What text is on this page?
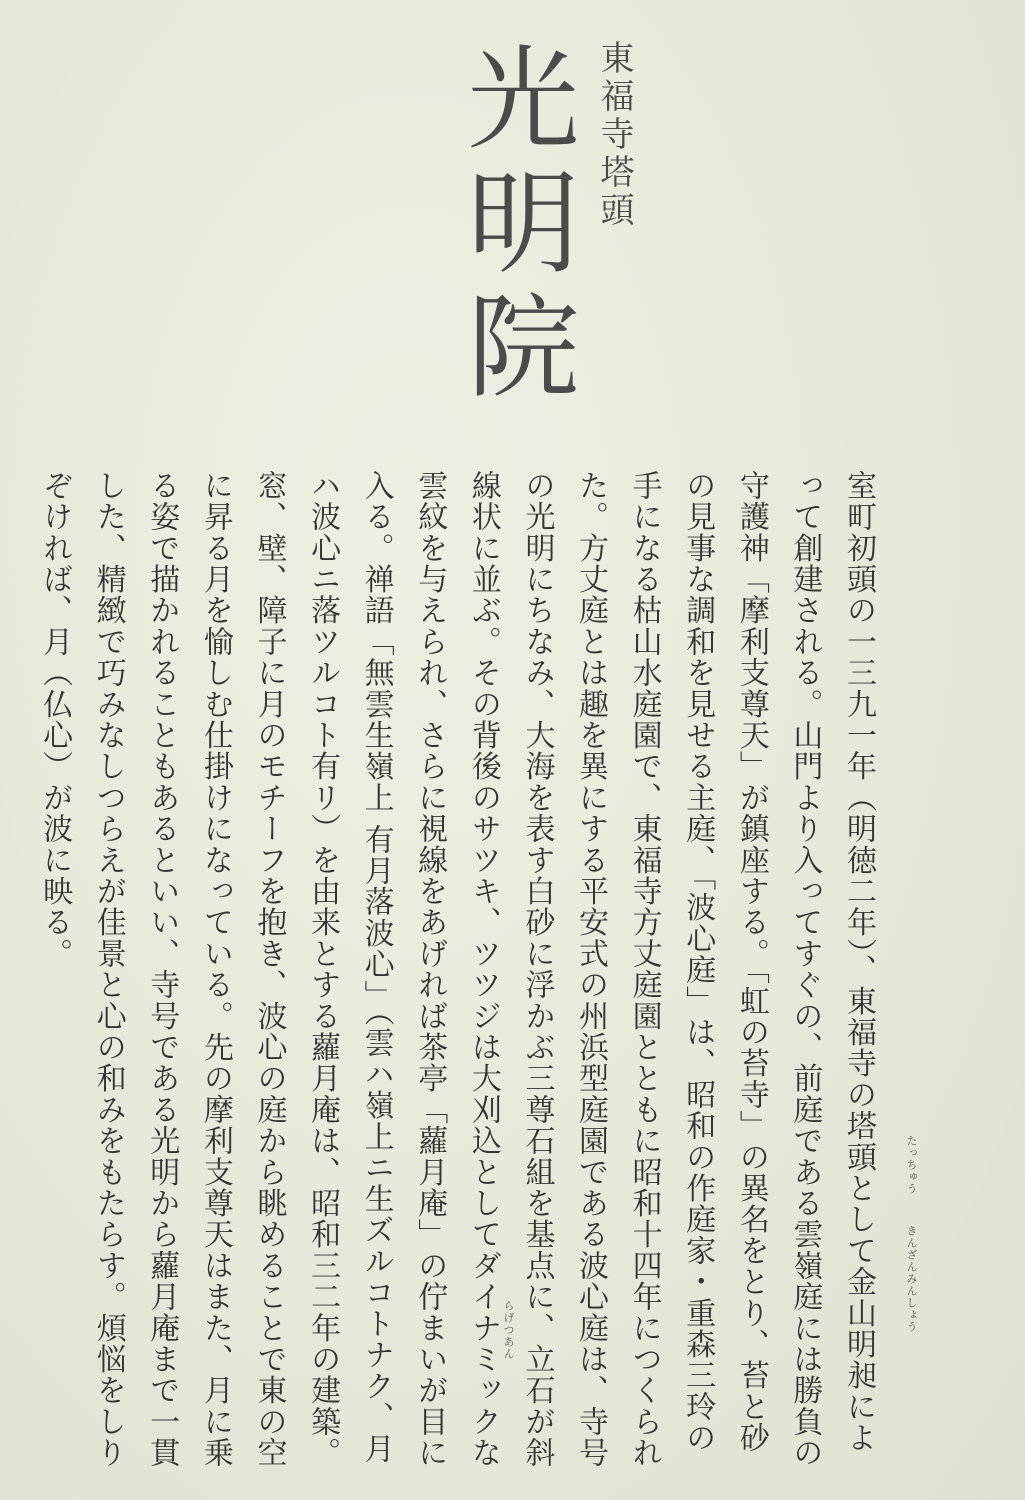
東福寺塔頭
光明院
たっちゅう
きんざんみんしょう
らげつあん	室町初頭の一三九一年（明徳二年）、東福寺の塔頭として金山明昶によって創建される。山門より入ってすぐの、前庭である雲嶺庭には勝負の守護神「摩利支尊天」が鎮座する。「虹の苔寺」の異名をとり、苔と砂の見事な調和を見せる主庭、「波心庭」は、昭和の作庭家・重森三玲の手になる枯山水庭園で、東福寺方丈庭園とともに昭和十四年につくられた。方丈庭とは趣を異にする平安式の州浜型庭園である波心庭は、寺号の光明にちなみ、大海を表す白砂に浮かぶ三尊石組を基点に、立石が斜線状に並ぶ。その背後のサツキ、ツツジは大刈込としてダイナミックな雲紋を与えられ、さらに視線をあげれば茶亭「蘿月庵」の佇まいが目に入る。禅語「無雲生嶺上 有月落波心」（雲ハ嶺上ニ生ズルコトナク、月ハ波心ニ落ツルコト有リ）を由来とする蘿月庵は、昭和三二年の建築。窓、壁、障子に月のモチーフを抱き、波心の庭から眺めることで東の空に昇る月を愉しむ仕掛けになっている。先の摩利支尊天はまた、月に乗る姿で描かれることもあるといい、寺号である光明から蘿月庵まで一貫した、精緻で巧みなしつらえが佳景と心の和みをもたらす。煩悩をしりぞければ、月（仏心）が波に映る。
